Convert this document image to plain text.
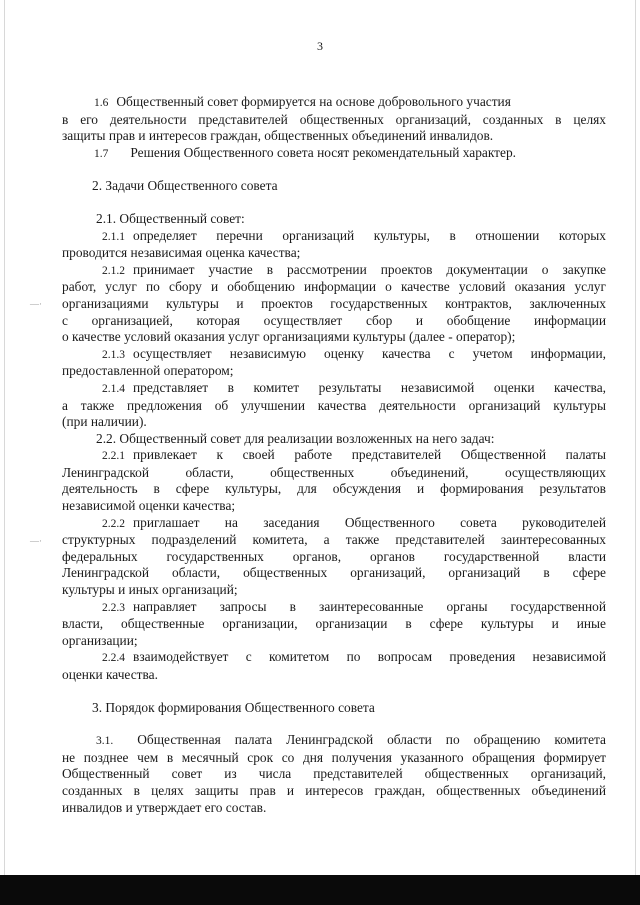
—·
—·
3

1.6 Общественный совет формируется на основе добровольного участия

в его деятельности представителей общественных организаций, созданных в целях

защиты прав и интересов граждан, общественных объединений инвалидов.

1.7 Решения Общественного совета носят рекомендательный характер.

2. Задачи Общественного совета

2.1. Общественный совет:

2.1.1 определяет перечни организаций культуры, в отношении которых

проводится независимая оценка качества;

2.1.2 принимает участие в рассмотрении проектов документации о закупке

работ, услуг по сбору и обобщению информации о качестве условий оказания услуг

организациями культуры и проектов государственных контрактов, заключенных

с организацией, которая осуществляет сбор и обобщение информации

о качестве условий оказания услуг организациями культуры (далее - оператор);

2.1.3 осуществляет независимую оценку качества с учетом информации,

предоставленной оператором;

2.1.4 представляет в комитет результаты независимой оценки качества,

а также предложения об улучшении качества деятельности организаций культуры

(при наличии).

2.2. Общественный совет для реализации возложенных на него задач:

2.2.1 привлекает к своей работе представителей Общественной палаты

Ленинградской области, общественных объединений, осуществляющих

деятельность в сфере культуры, для обсуждения и формирования результатов

независимой оценки качества;

2.2.2 приглашает на заседания Общественного совета руководителей

структурных подразделений комитета, а также представителей заинтересованных

федеральных государственных органов, органов государственной власти

Ленинградской области, общественных организаций, организаций в сфере

культуры и иных организаций;

2.2.3 направляет запросы в заинтересованные органы государственной

власти, общественные организации, организации в сфере культуры и иные

организации;

2.2.4 взаимодействует с комитетом по вопросам проведения независимой

оценки качества.

3. Порядок формирования Общественного совета

3.1. Общественная палата Ленинградской области по обращению комитета

не позднее чем в месячный срок со дня получения указанного обращения формирует

Общественный совет из числа представителей общественных организаций,

созданных в целях защиты прав и интересов граждан, общественных объединений

инвалидов и утверждает его состав.
